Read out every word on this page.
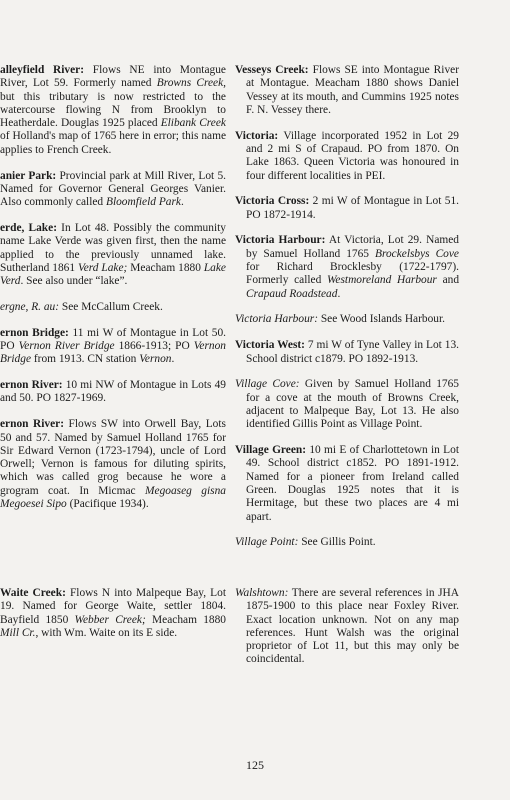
alleyfield River: Flows NE into Montague River, Lot 59. Formerly named Browns Creek, but this tributary is now restricted to the watercourse flowing N from Brooklyn to Heatherdale. Douglas 1925 placed Elibank Creek of Holland's map of 1765 here in error; this name applies to French Creek.

anier Park: Provincial park at Mill River, Lot 5. Named for Governor General Georges Vanier. Also commonly called Bloomfield Park.

erde, Lake: In Lot 48. Possibly the community name Lake Verde was given first, then the name applied to the previously unnamed lake. Sutherland 1861 Verd Lake; Meacham 1880 Lake Verd. See also under “lake”.

ergne, R. au: See McCallum Creek.

ernon Bridge: 11 mi W of Montague in Lot 50. PO Vernon River Bridge 1866-1913; PO Vernon Bridge from 1913. CN station Vernon.

ernon River: 10 mi NW of Montague in Lots 49 and 50. PO 1827-1969.

ernon River: Flows SW into Orwell Bay, Lots 50 and 57. Named by Samuel Holland 1765 for Sir Edward Vernon (1723-1794), uncle of Lord Orwell; Vernon is famous for diluting spirits, which was called grog because he wore a grogram coat. In Micmac Megoaseg gisna Megoesei Sipo (Pacifique 1934).

Vesseys Creek: Flows SE into Montague River at Montague. Meacham 1880 shows Daniel Vessey at its mouth, and Cummins 1925 notes F. N. Vessey there.

Victoria: Village incorporated 1952 in Lot 29 and 2 mi S of Crapaud. PO from 1870. On Lake 1863. Queen Victoria was honoured in four different localities in PEI.

Victoria Cross: 2 mi W of Montague in Lot 51. PO 1872-1914.

Victoria Harbour: At Victoria, Lot 29. Named by Samuel Holland 1765 Brockelsbys Cove for Richard Brocklesby (1722-1797). Formerly called Westmoreland Harbour and Crapaud Roadstead.

Victoria Harbour: See Wood Islands Harbour.

Victoria West: 7 mi W of Tyne Valley in Lot 13. School district c1879. PO 1892-1913.

Village Cove: Given by Samuel Holland 1765 for a cove at the mouth of Browns Creek, adjacent to Malpeque Bay, Lot 13. He also identified Gillis Point as Village Point.

Village Green: 10 mi E of Charlottetown in Lot 49. School district c1852. PO 1891-1912. Named for a pioneer from Ireland called Green. Douglas 1925 notes that it is Hermitage, but these two places are 4 mi apart.

Village Point: See Gillis Point.

Waite Creek: Flows N into Malpeque Bay, Lot 19. Named for George Waite, settler 1804. Bayfield 1850 Webber Creek; Meacham 1880 Mill Cr., with Wm. Waite on its E side.

Walshtown: There are several references in JHA 1875-1900 to this place near Foxley River. Exact location unknown. Not on any map references. Hunt Walsh was the original proprietor of Lot 11, but this may only be coincidental.

125
